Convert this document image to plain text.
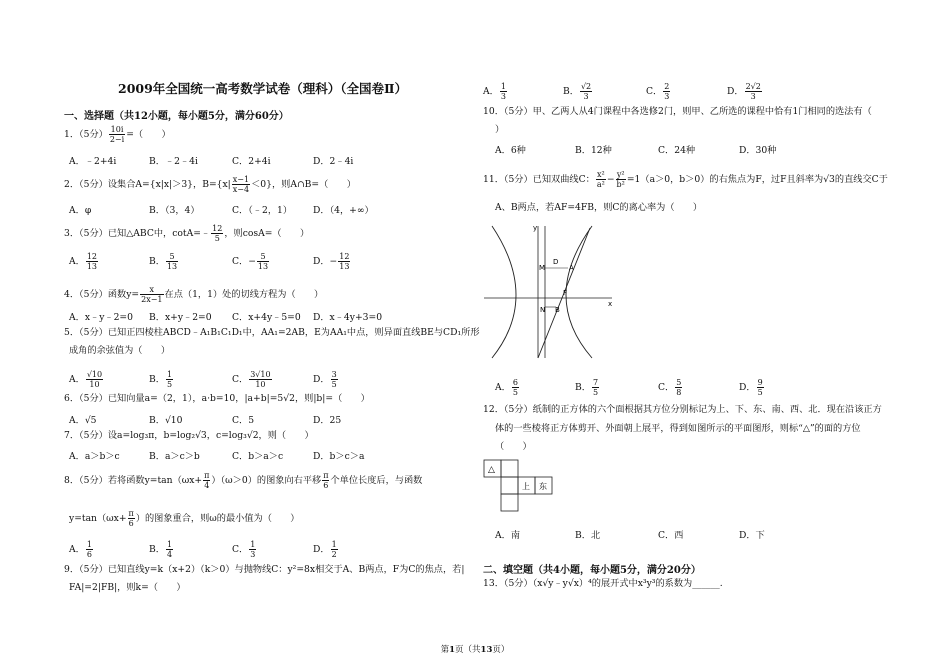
2009年全国统一高考数学试卷（理科）（全国卷Ⅱ）
一、选择题（共12小题，每小题5分，满分60分）
1．（5分） $\frac{10i}{2-i}$ =（　　）
A．﹣2+4i	B．﹣2﹣4i	C．2+4i	D．2﹣4i
2．（5分）设集合A={x|x|＞3}，$B=\{x| \frac{x-1}{x-4} <0\}$，则A∩B=（　　）
A．φ	B．（3，4）	C．（﹣2，1） D．（4，+∞）
3．（5分）已知△ABC中，cotA=﹣ $\frac{12}{5}$ ，则cosA=（　　）
A． $\frac{12}{13}$	B． $\frac{5}{13}$	C．− $\frac{5}{13}$	D．− $\frac{12}{13}$
4．（5分）函数$y= \frac{x}{2x-1}$ 在点（1，1）处的切线方程为（　　）
A．x﹣y﹣2=0 B．x+y﹣2=0 C．x+4y﹣5=0 D．x﹣4y+3=0
5．（5分）已知正四棱柱ABCD﹣A₁B₁C₁D₁中，AA₁=2AB，E为AA₁中点，则异面直线BE与CD₁所形
成角的余弦值为（　　）
A． $\frac{√10}{10}$	B． $\frac{1}{5}$	C． $\frac{3√10}{10}$	D． $\frac{3}{5}$
6．（5分）已知向量a=（2，1），a·b=10，|a+b|=5√2，则|b|=（　　）
A．√5	B．√10	C．5	D．25
7．（5分）设a=log₃π，b=log₂√3，c=log₃√2，则（　　）
A．a＞b＞c	B．a＞c＞b	C．b＞a＞c	D．b＞c＞a
8．（5分）若将函数$y=\tan(\omega x+ \frac{\pi}{4} )(\omega>0)$的图象向右平移 $\frac{\pi}{6}$ 个单位长度后，与函数
$y=\tan(\omega x+ \frac{\pi}{6}$ ）的图象重合，则ω的最小值为（　　）
A． $\frac{1}{6}$	B． $\frac{1}{4}$	C． $\frac{1}{3}$	D． $\frac{1}{2}$
9．（5分）已知直线y=k（x+2）（k＞0）与抛物线C：y²=8x相交于A、B两点，F为C的焦点，若|
FA|=2|FB|，则k=（　　）
A． $\frac{1}{3}$	B． $\frac{√2}{3}$	C． $\frac{2}{3}$	D． $\frac{2√2}{3}$
10．（5分）甲、乙两人从4门课程中各选修2门，则甲、乙所选的课程中恰有1门相同的选法有（
）
A．6种	B．12种	C．24种	D．30种
11．（5分）已知双曲线C： $\frac{\text{x²}}{\text{a²}} - \frac{\text{y²}}{\text{b²}} =1(a>0$，b＞0）的右焦点为F，过F且斜率为√3的直线交C于
A、B两点，若AF=4FB，则C的离心率为（　　）
y
x
D
M	A
F
N B
A． $\frac{6}{5}$	B． $\frac{7}{5}$	C． $\frac{5}{8}$	D． $\frac{9}{5}$
12．（5分）纸制的正方体的六个面根据其方位分别标记为上、下、东、南、西、北．现在沿该正方
体的一些棱将正方体剪开、外面朝上展平，得到如图所示的平面图形，则标“△”的面的方位
（　　）
△
上 东
A．南	B．北	C．西	D．下
二、填空题（共4小题，每小题5分，满分20分）
13．（5分）（x√y﹣y√x）⁴的展开式中x³y³的系数为______.
第1页（共13页）
